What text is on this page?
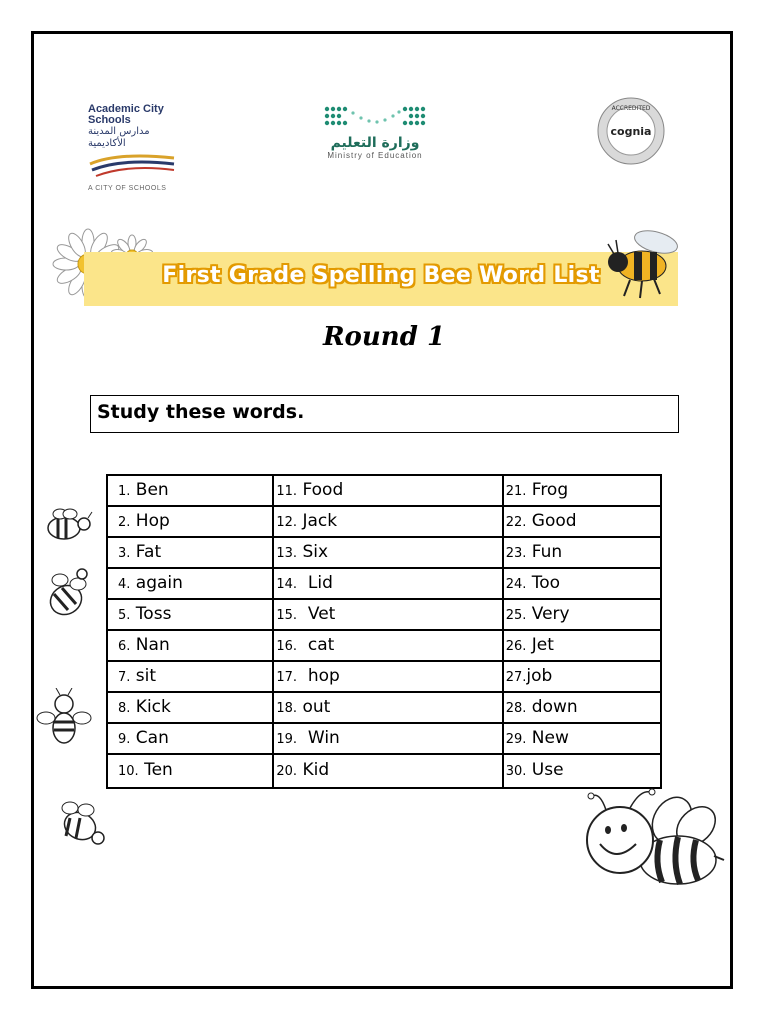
Academic City
Schools
مدارس المدينة الأكاديمية
A CITY OF SCHOOLS
وزارة التعليم
Ministry of Education
ACCREDITED
cognia
First Grade Spelling Bee Word List
Round 1
Study these words.
1. Ben	11. Food	21. Frog
2. Hop	12. Jack	22. Good
3. Fat	13. Six	23. Fun
4. again	14.  Lid	24. Too
5. Toss	15.  Vet	25. Very
6. Nan	16.  cat	26. Jet
7. sit	17.  hop	27.job
8. Kick	18. out	28. down
9. Can	19.  Win	29. New
10. Ten	20. Kid	30. Use
